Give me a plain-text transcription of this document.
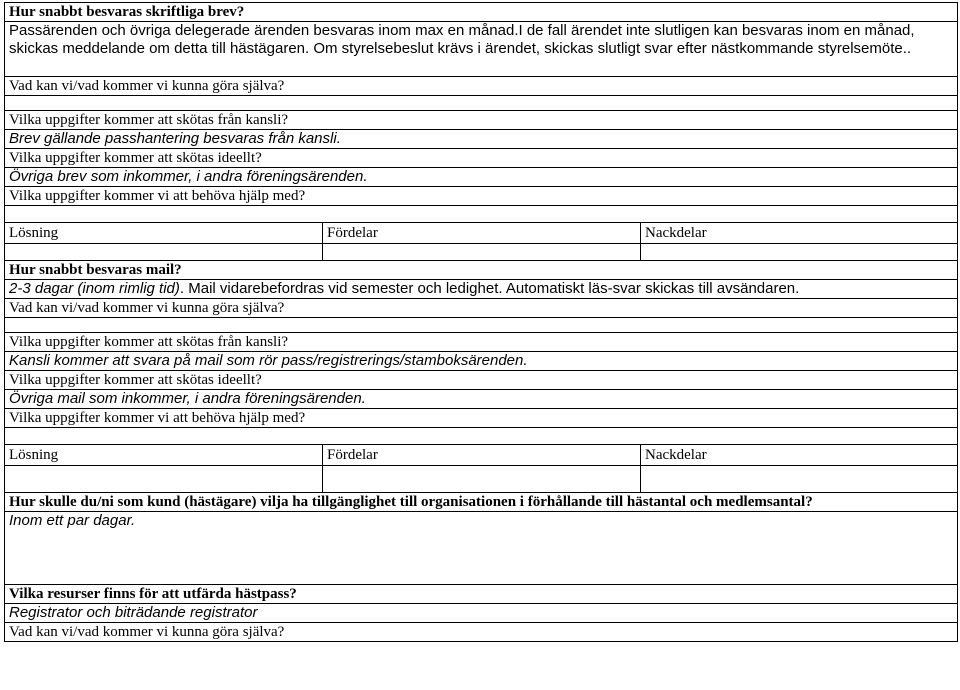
Hur snabbt besvaras skriftliga brev?		
Passärenden och övriga delegerade ärenden besvaras inom max en månad.I de fall ärendet inte slutligen kan besvaras inom en månad, skickas meddelande om detta till hästägaren. Om styrelsebeslut krävs i ärendet, skickas slutligt svar efter nästkommande styrelsemöte..		
Vad kan vi/vad kommer vi kunna göra själva?		

Vilka uppgifter kommer att skötas från kansli?		
Brev gällande passhantering besvaras från kansli.		
Vilka uppgifter kommer att skötas ideellt?		
Övriga brev som inkommer, i andra föreningsärenden.		
Vilka uppgifter kommer vi att behöva hjälp med?		

Lösning	Fördelar	Nackdelar

Hur snabbt besvaras mail?		
2-3 dagar (inom rimlig tid). Mail vidarebefordras vid semester och ledighet. Automatiskt läs-svar skickas till avsändaren.		
Vad kan vi/vad kommer vi kunna göra själva?		

Vilka uppgifter kommer att skötas från kansli?		
Kansli kommer att svara på mail som rör pass/registrerings/stamboksärenden.		
Vilka uppgifter kommer att skötas ideellt?		
Övriga mail som inkommer, i andra föreningsärenden.		
Vilka uppgifter kommer vi att behöva hjälp med?		

Lösning	Fördelar	Nackdelar

Hur skulle du/ni som kund (hästägare) vilja ha tillgänglighet till organisationen i förhållande till hästantal och medlemsantal?		
Inom ett par dagar.		
Vilka resurser finns för att utfärda hästpass?		
Registrator och biträdande registrator		
Vad kan vi/vad kommer vi kunna göra själva?		
